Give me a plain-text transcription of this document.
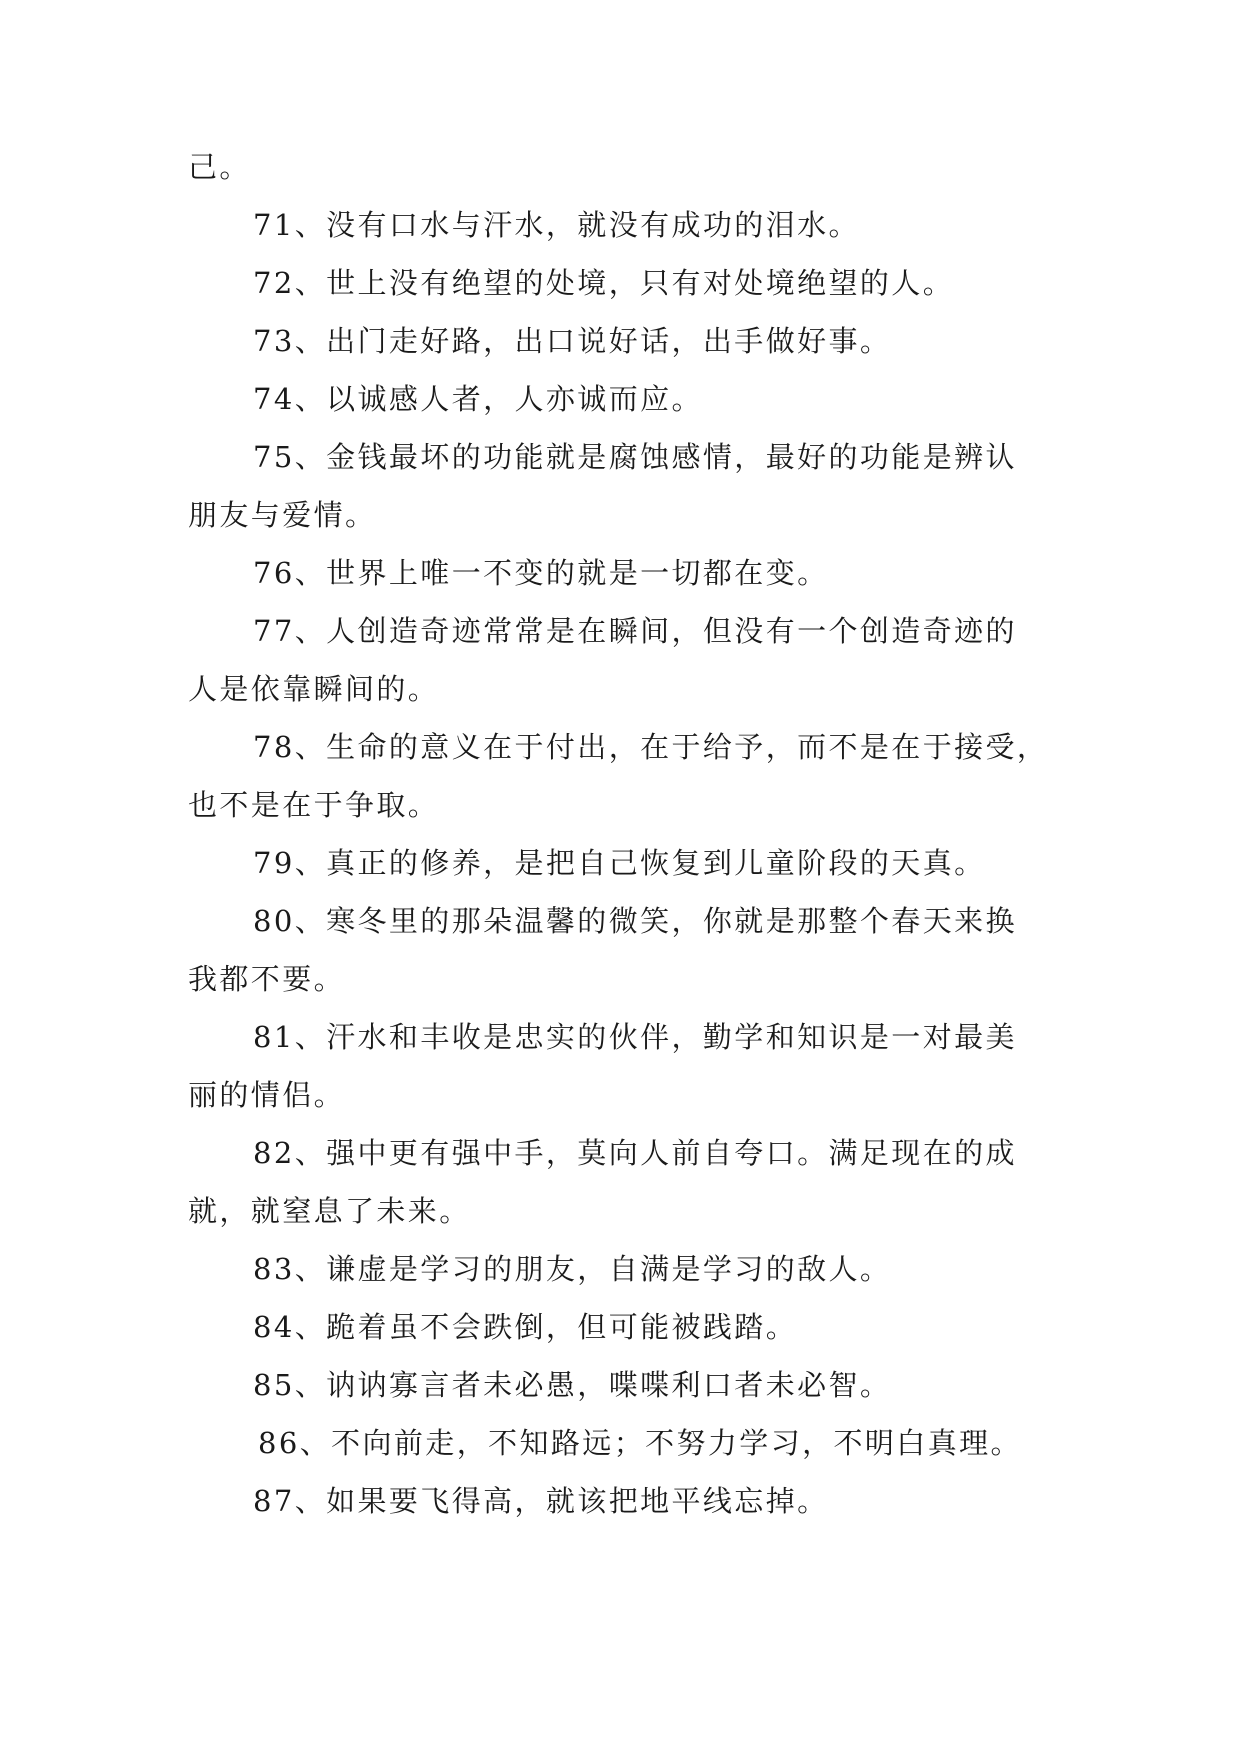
己。
71、没有口水与汗水，就没有成功的泪水。
72、世上没有绝望的处境，只有对处境绝望的人。
73、出门走好路，出口说好话，出手做好事。
74、以诚感人者，人亦诚而应。
75、金钱最坏的功能就是腐蚀感情，最好的功能是辨认
朋友与爱情。
76、世界上唯一不变的就是一切都在变。
77、人创造奇迹常常是在瞬间，但没有一个创造奇迹的
人是依靠瞬间的。
78、生命的意义在于付出，在于给予，而不是在于接受，
也不是在于争取。
79、真正的修养，是把自己恢复到儿童阶段的天真。
80、寒冬里的那朵温馨的微笑，你就是那整个春天来换
我都不要。
81、汗水和丰收是忠实的伙伴，勤学和知识是一对最美
丽的情侣。
82、强中更有强中手，莫向人前自夸口。满足现在的成
就，就窒息了未来。
83、谦虚是学习的朋友，自满是学习的敌人。
84、跪着虽不会跌倒，但可能被践踏。
85、讷讷寡言者未必愚，喋喋利口者未必智。
86、不向前走，不知路远；不努力学习，不明白真理。
87、如果要飞得高，就该把地平线忘掉。
